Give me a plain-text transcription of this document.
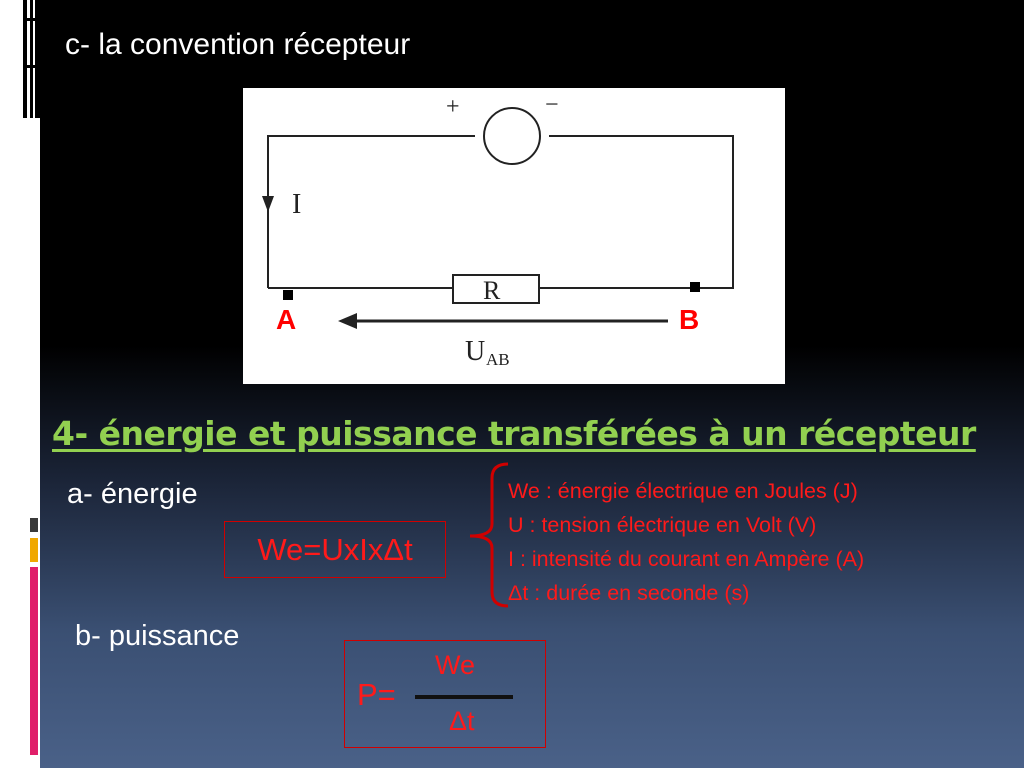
c- la convention récepteur
+	−
I
R
A	B
U AB
4- énergie et puissance transférées à un récepteur
a- énergie
We=UxIxΔt
We : énergie électrique en Joules (J)
U : tension électrique en Volt (V)
I : intensité du courant en Ampère (A)
Δt : durée en seconde (s)
b- puissance
P=
We
Δt
